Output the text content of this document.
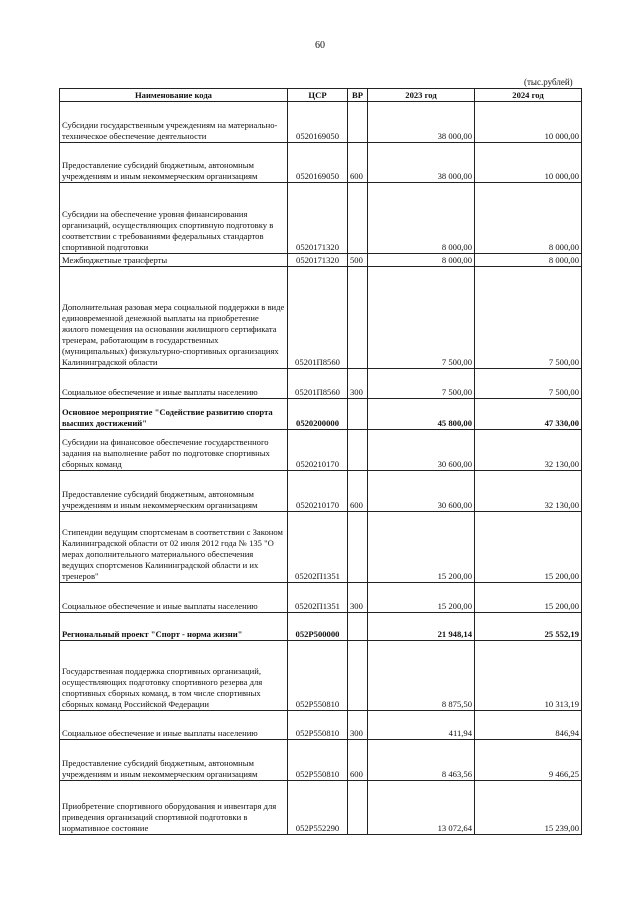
60
(тыс.рублей)
Наименование кода	ЦСР	ВР	2023 год	2024 год
Субсидии государственным учреждениям на материально-техническое обеспечение деятельности	0520169050		38 000,00	10 000,00
Предоставление субсидий бюджетным, автономным учреждениям и иным некоммерческим организациям	0520169050	600	38 000,00	10 000,00
Субсидии на обеспечение уровня финансирования организаций, осуществляющих спортивную подготовку в соответствии с требованиями федеральных стандартов спортивной подготовки	0520171320		8 000,00	8 000,00
Межбюджетные трансферты	0520171320	500	8 000,00	8 000,00
Дополнительная разовая мера социальной поддержки в виде единовременной денежной выплаты на приобретение жилого помещения на основании жилищного сертификата тренерам, работающим в государственных (муниципальных) физкультурно-спортивных организациях Калининградской области	05201П8560		7 500,00	7 500,00
Социальное обеспечение и иные выплаты населению	05201П8560	300	7 500,00	7 500,00
Основное мероприятие "Содействие развитию спорта высших достижений"	0520200000		45 800,00	47 330,00
Субсидии на финансовое обеспечение государственного задания на выполнение работ по подготовке спортивных сборных команд	0520210170		30 600,00	32 130,00
Предоставление субсидий бюджетным, автономным учреждениям и иным некоммерческим организациям	0520210170	600	30 600,00	32 130,00
Стипендии ведущим спортсменам в соответствии с Законом Калининградской области от 02 июля 2012 года № 135 "О мерах дополнительного материального обеспечения ведущих спортсменов Калининградской области и их тренеров"	05202П1351		15 200,00	15 200,00
Социальное обеспечение и иные выплаты населению	05202П1351	300	15 200,00	15 200,00
Региональный проект "Спорт - норма жизни"	052Р500000		21 948,14	25 552,19
Государственная поддержка спортивных организаций, осуществляющих подготовку спортивного резерва для спортивных сборных команд, в том числе спортивных сборных команд Российской Федерации	052Р550810		8 875,50	10 313,19
Социальное обеспечение и иные выплаты населению	052Р550810	300	411,94	846,94
Предоставление субсидий бюджетным, автономным учреждениям и иным некоммерческим организациям	052Р550810	600	8 463,56	9 466,25
Приобретение спортивного оборудования и инвентаря для приведения организаций спортивной подготовки в нормативное состояние	052Р552290		13 072,64	15 239,00
